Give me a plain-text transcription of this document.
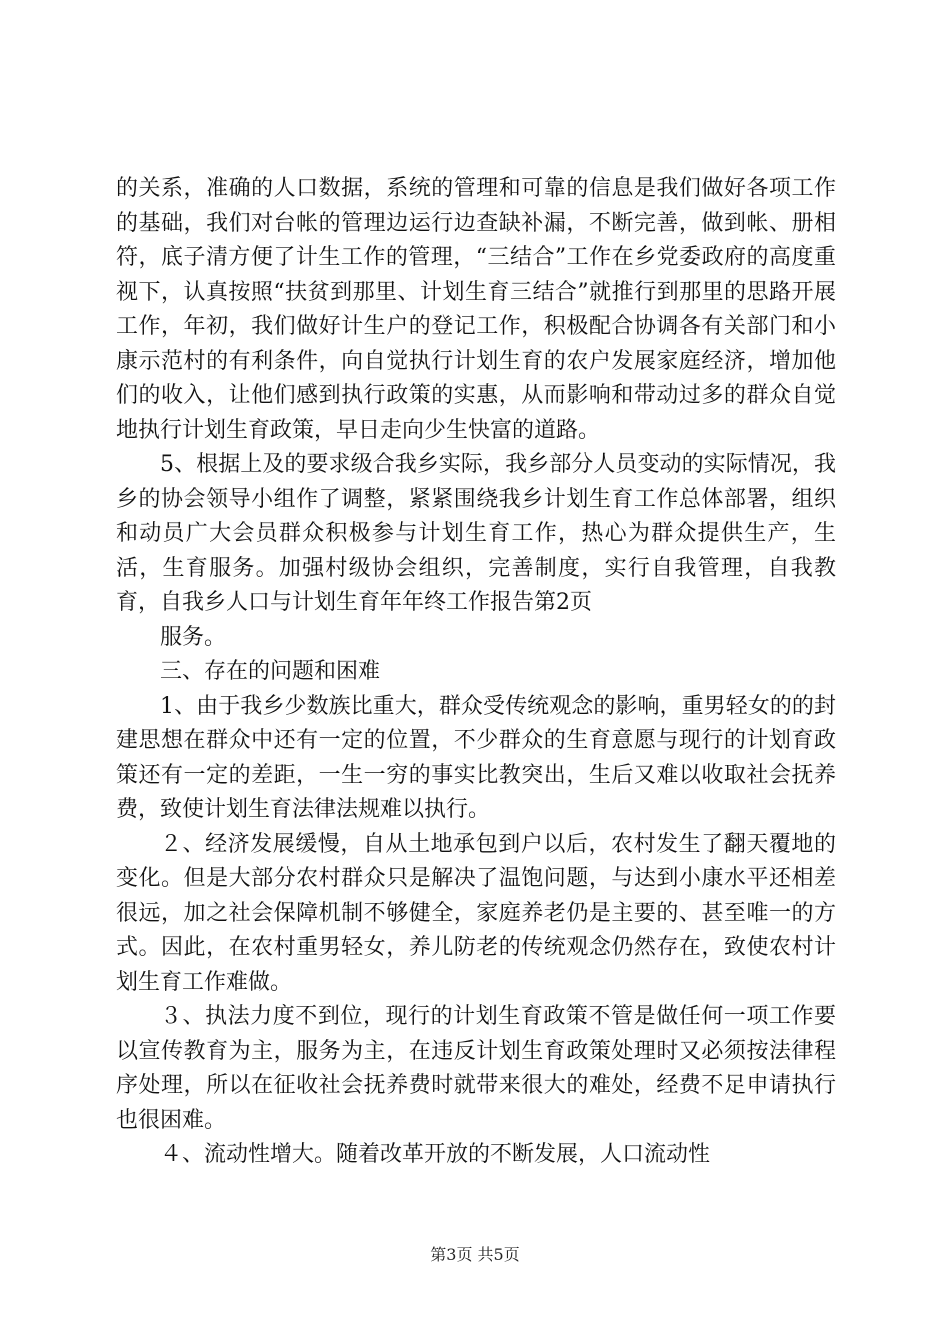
的关系，准确的人口数据，系统的管理和可靠的信息是我们做好各项工作的基础，我们对台帐的管理边运行边查缺补漏，不断完善，做到帐、册相符，底子清方便了计生工作的管理，“三结合”工作在乡党委政府的高度重视下，认真按照“扶贫到那里、计划生育三结合”就推行到那里的思路开展工作，年初，我们做好计生户的登记工作，积极配合协调各有关部门和小康示范村的有利条件，向自觉执行计划生育的农户发展家庭经济，增加他们的收入，让他们感到执行政策的实惠，从而影响和带动过多的群众自觉地执行计划生育政策，早日走向少生快富的道路。

5、根据上及的要求级合我乡实际，我乡部分人员变动的实际情况，我乡的协会领导小组作了调整，紧紧围绕我乡计划生育工作总体部署，组织和动员广大会员群众积极参与计划生育工作，热心为群众提供生产，生活，生育服务。加强村级协会组织，完善制度，实行自我管理，自我教育，自我乡人口与计划生育年年终工作报告第2页

服务。

三、存在的问题和困难

1、由于我乡少数族比重大，群众受传统观念的影响，重男轻女的的封建思想在群众中还有一定的位置，不少群众的生育意愿与现行的计划育政策还有一定的差距，一生一穷的事实比教突出，生后又难以收取社会抚养费，致使计划生育法律法规难以执行。

２、经济发展缓慢，自从土地承包到户以后，农村发生了翻天覆地的变化。但是大部分农村群众只是解决了温饱问题，与达到小康水平还相差很远，加之社会保障机制不够健全，家庭养老仍是主要的、甚至唯一的方式。因此，在农村重男轻女，养儿防老的传统观念仍然存在，致使农村计划生育工作难做。

３、执法力度不到位，现行的计划生育政策不管是做任何一项工作要以宣传教育为主，服务为主，在违反计划生育政策处理时又必须按法律程序处理，所以在征收社会抚养费时就带来很大的难处，经费不足申请执行也很困难。

４、流动性增大。随着改革开放的不断发展，人口流动性

第3页 共5页
